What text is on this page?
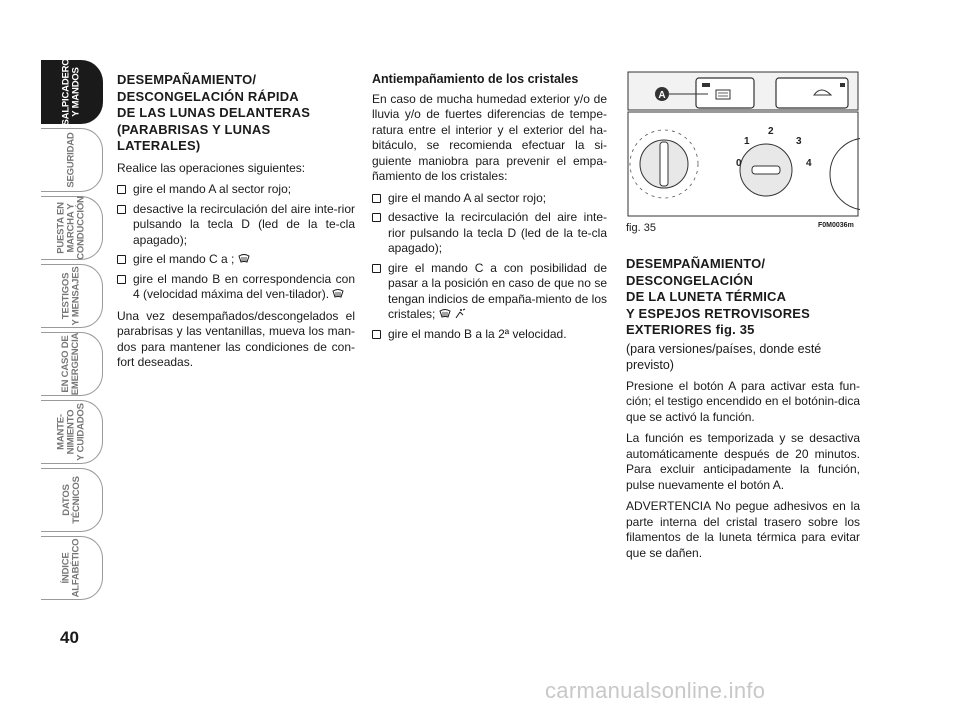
SALPICADERO
Y MANDOS
SEGURIDAD
PUESTA EN
MARCHA Y
CONDUCCIÓN
TESTIGOS
Y MENSAJES
EN CASO DE
EMERGENCIA
MANTE-
NIMIENTO
Y CUIDADOS
DATOS
TÉCNICOS
ÍNDICE
ALFABÉTICO
40
DESEMPAÑAMIENTO/
DESCONGELACIÓN RÁPIDA
DE LAS LUNAS DELANTERAS
(PARABRISAS Y LUNAS
LATERALES)

Realice las operaciones siguientes:

gire el mando A al sector rojo;
desactive la recirculación del aire inte-rior pulsando la tecla D (led de la te-cla apagado);
gire el mando C a ;
gire el mando B en correspondencia con 4 (velocidad máxima del ven-tilador).

Una vez desempañados/descongelados el parabrisas y las ventanillas, mueva los man-dos para mantener las condiciones de con-fort deseadas.

Antiempañamiento de los cristales

En caso de mucha humedad exterior y/o de lluvia y/o de fuertes diferencias de tempe-ratura entre el interior y el exterior del ha-bitáculo, se recomienda efectuar la si-guiente maniobra para prevenir el empa-ñamiento de los cristales:

gire el mando A al sector rojo;
desactive la recirculación del aire inte-rior pulsando la tecla D (led de la te-cla apagado);
gire el mando C a con posibilidad de pasar a la posición en caso de que no se tengan indicios de empaña-miento de los cristales;
gire el mando B a la 2ª velocidad.
A
0
1
2
3
4
fig. 35	F0M0036m
DESEMPAÑAMIENTO/
DESCONGELACIÓN
DE LA LUNETA TÉRMICA
Y ESPEJOS RETROVISORES
EXTERIORES fig. 35

(para versiones/países, donde esté previsto)

Presione el botón A para activar esta fun-ción; el testigo encendido en el botónin-dica que se activó la función.

La función es temporizada y se desactiva automáticamente después de 20 minutos. Para excluir anticipadamente la función, pulse nuevamente el botón A.

ADVERTENCIA No pegue adhesivos en la parte interna del cristal trasero sobre los filamentos de la luneta térmica para evitar que se dañen.

carmanualsonline.info
